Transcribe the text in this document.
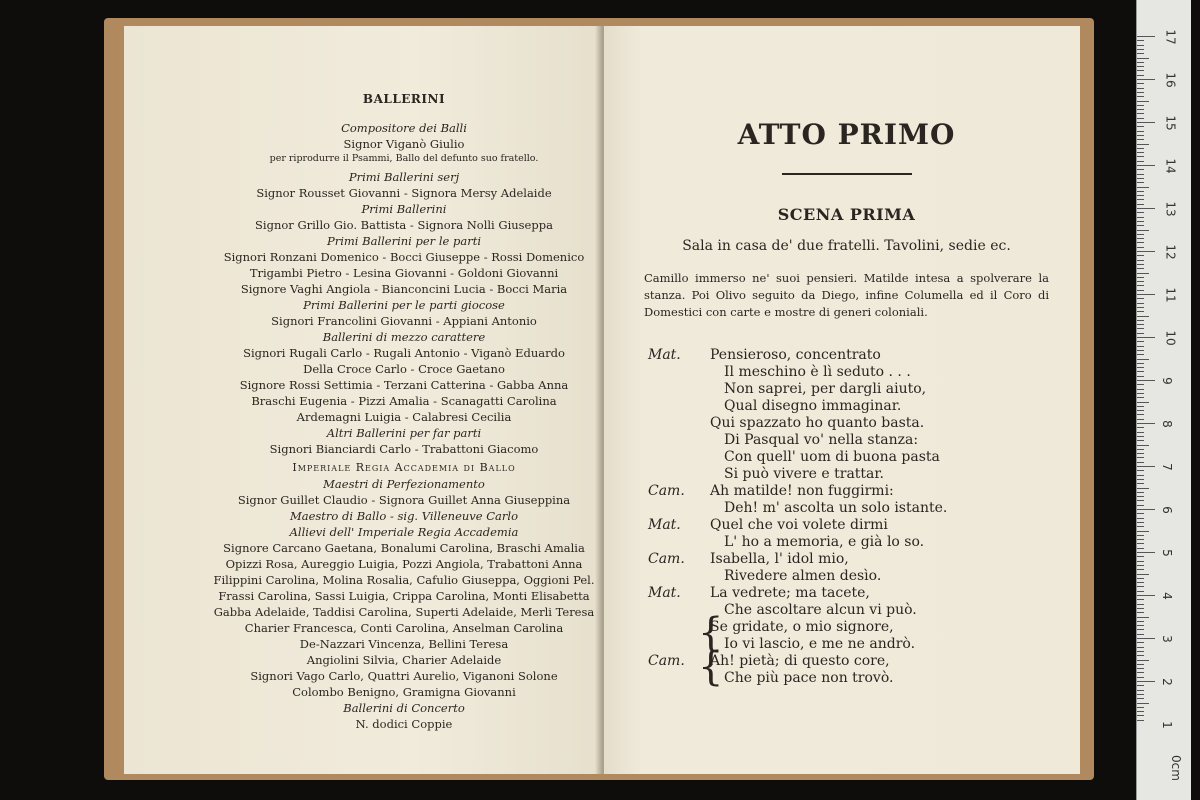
BALLERINI
Compositore dei Balli
Signor Viganò Giulio
per riprodurre il Psammi, Ballo del defunto suo fratello.
Primi Ballerini serj
Signor Rousset Giovanni - Signora Mersy Adelaide
Primi Ballerini
Signor Grillo Gio. Battista - Signora Nolli Giuseppa
Primi Ballerini per le parti
Signori Ronzani Domenico - Bocci Giuseppe - Rossi Domenico
Trigambi Pietro - Lesina Giovanni - Goldoni Giovanni
Signore Vaghi Angiola - Bianconcini Lucia - Bocci Maria
Primi Ballerini per le parti giocose
Signori Francolini Giovanni - Appiani Antonio
Ballerini di mezzo carattere
Signori Rugali Carlo - Rugali Antonio - Viganò Eduardo
Della Croce Carlo - Croce Gaetano
Signore Rossi Settimia - Terzani Catterina - Gabba Anna
Braschi Eugenia - Pizzi Amalia - Scanagatti Carolina
Ardemagni Luigia - Calabresi Cecilia
Altri Ballerini per far parti
Signori Bianciardi Carlo - Trabattoni Giacomo
Imperiale Regia Accademia di Ballo
Maestri di Perfezionamento
Signor Guillet Claudio - Signora Guillet Anna Giuseppina
Maestro di Ballo - sig. Villeneuve Carlo
Allievi dell' Imperiale Regia Accademia
Signore Carcano Gaetana, Bonalumi Carolina, Braschi Amalia
Opizzi Rosa, Aureggio Luigia, Pozzi Angiola, Trabattoni Anna
Filippini Carolina, Molina Rosalia, Cafulio Giuseppa, Oggioni Pel.
Frassi Carolina, Sassi Luigia, Crippa Carolina, Monti Elisabetta
Gabba Adelaide, Taddisi Carolina, Superti Adelaide, Merli Teresa
Charier Francesca, Conti Carolina, Anselman Carolina
De-Nazzari Vincenza, Bellini Teresa
Angiolini Silvia, Charier Adelaide
Signori Vago Carlo, Quattri Aurelio, Viganoni Solone
Colombo Benigno, Gramigna Giovanni
Ballerini di Concerto
N. dodici Coppie
ATTO PRIMO
SCENA PRIMA
Sala in casa de' due fratelli. Tavolini, sedie ec.
Camillo immerso ne' suoi pensieri. Matilde intesa a spolverare la stanza. Poi Olivo seguito da Diego, infine Columella ed il Coro di Domestici con carte e mostre di generi coloniali.
Mat.	Pensieroso, concentrato
Il meschino è lì seduto . . .
Non saprei, per dargli aiuto,
Qual disegno immaginar.
Qui spazzato ho quanto basta.
Di Pasqual vo' nella stanza:
Con quell' uom di buona pasta
Si può vivere e trattar.
Cam.	Ah matilde! non fuggirmi:
Deh! m' ascolta un solo istante.
Mat.	Quel che voi volete dirmi
L' ho a memoria, e già lo so.
Cam.	Isabella, l' idol mio,
Rivedere almen desìo.
Mat.	La vedrete; ma tacete,
Che ascoltare alcun vi può.
Se gridate, o mio signore,
{ Io vi lascio, e me ne andrò.
Cam.	Ah! pietà; di questo core,
{ Che più pace non trovò.
17
16
15
14
13
12
11
10
9
8
7
6
5
4
3
2
1
0cm
